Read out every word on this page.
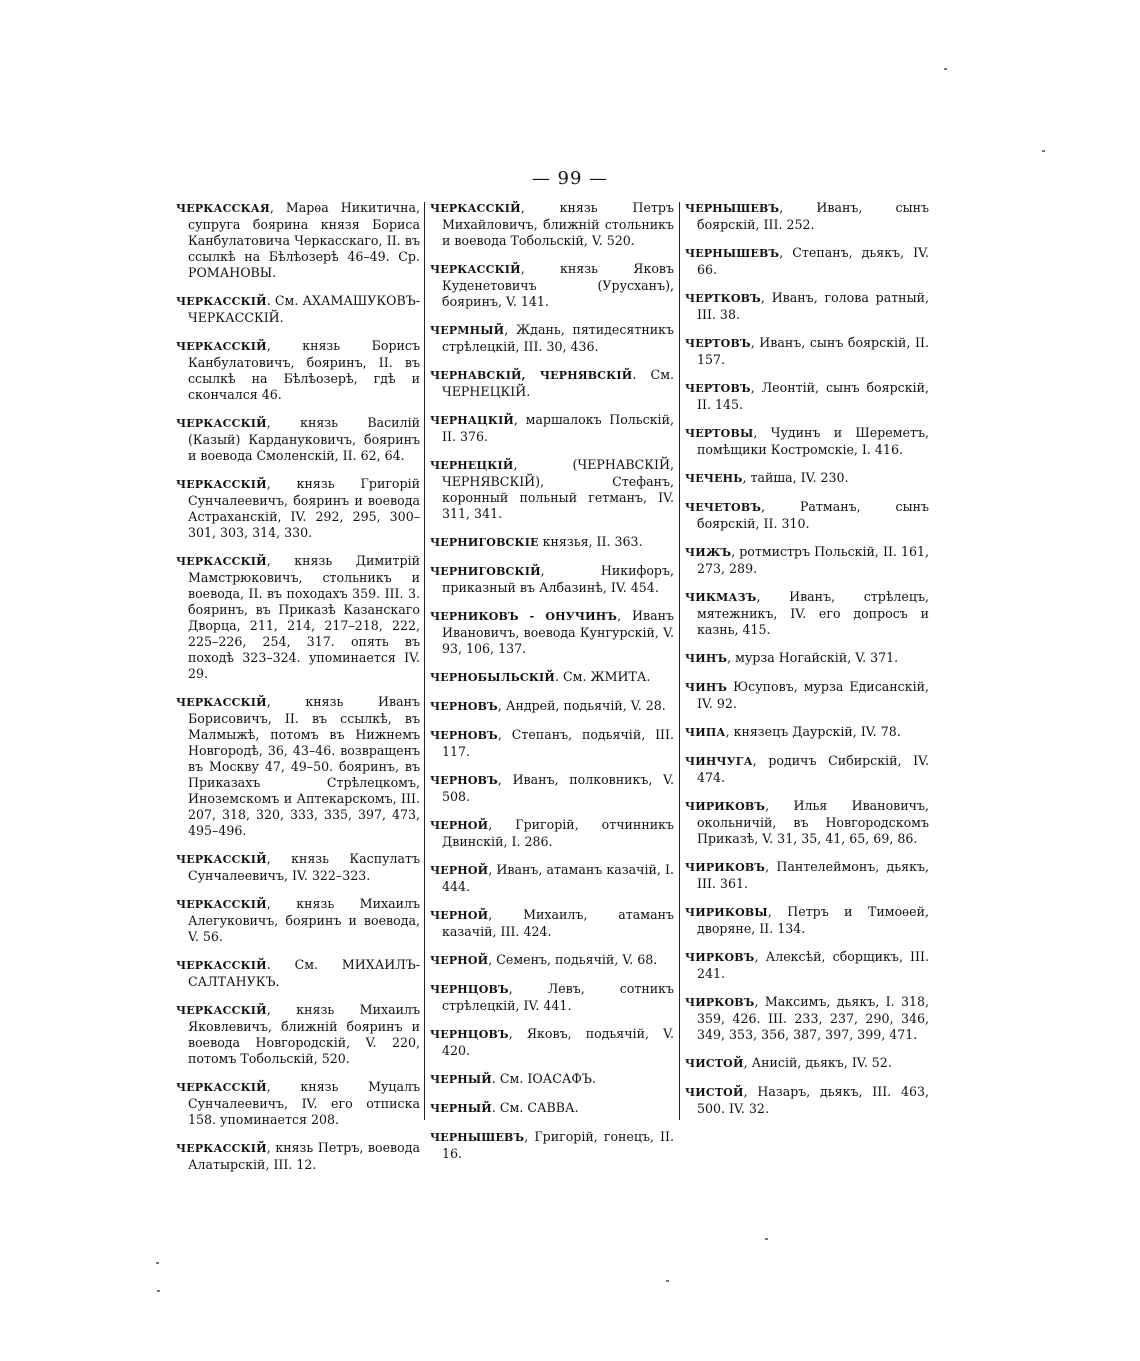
— 99 —

ЧЕРКАССКАЯ, Марѳа Никитична, супруга боярина князя Бориса Канбулатовича Черкасскаго, II. въ ссылкѣ на Бѣлѣозерѣ 46–49. Ср. РОМАНОВЫ.

ЧЕРКАССКІЙ. См. АХАМАШУКОВЪ-ЧЕРКАССКІЙ.

ЧЕРКАССКІЙ, князь Борисъ Канбулатовичъ, бояринъ, II. въ ссылкѣ на Бѣлѣозерѣ, гдѣ и скончался 46.

ЧЕРКАССКІЙ, князь Василій (Казый) Кардануковичъ, бояринъ и воевода Смоленскій, II. 62, 64.

ЧЕРКАССКІЙ, князь Григорій Сунчалеевичъ, бояринъ и воевода Астраханскій, IV. 292, 295, 300–301, 303, 314, 330.

ЧЕРКАССКІЙ, князь Димитрій Мамстрюковичъ, стольникъ и воевода, II. въ походахъ 359. III. 3. бояринъ, въ Приказѣ Казанскаго Дворца, 211, 214, 217–218, 222, 225–226, 254, 317. опять въ походѣ 323–324. упоминается IV. 29.

ЧЕРКАССКІЙ, князь Иванъ Борисовичъ, II. въ ссылкѣ, въ Малмыжѣ, потомъ въ Нижнемъ Новгородѣ, 36, 43–46. возвращенъ въ Москву 47, 49–50. бояринъ, въ Приказахъ Стрѣлецкомъ, Иноземскомъ и Аптекарскомъ, III. 207, 318, 320, 333, 335, 397, 473, 495–496.

ЧЕРКАССКІЙ, князь Каспулатъ Сунчалеевичъ, IV. 322–323.

ЧЕРКАССКІЙ, князь Михаилъ Алегуковичъ, бояринъ и воевода, V. 56.

ЧЕРКАССКІЙ. См. МИХАИЛЪ-САЛТАНУКЪ.

ЧЕРКАССКІЙ, князь Михаилъ Яковлевичъ, ближній бояринъ и воевода Новгородскій, V. 220, потомъ Тобольскій, 520.

ЧЕРКАССКІЙ, князь Муцалъ Сунчалеевичъ, IV. его отписка 158. упоминается 208.

ЧЕРКАССКІЙ, князь Петръ, воевода Алатырскій, III. 12.

ЧЕРКАССКІЙ, князь Петръ Михайловичъ, ближній стольникъ и воевода Тобольскій, V. 520.

ЧЕРКАССКІЙ, князь Яковъ Куденетовичъ (Урусханъ), бояринъ, V. 141.

ЧЕРМНЫЙ, Ждань, пятидесятникъ стрѣлецкій, III. 30, 436.

ЧЕРНАВСКІЙ, ЧЕРНЯВСКІЙ. См. ЧЕРНЕЦКІЙ.

ЧЕРНАЦКІЙ, маршалокъ Польскій, II. 376.

ЧЕРНЕЦКІЙ, (ЧЕРНАВСКІЙ, ЧЕРНЯВСКІЙ), Стефанъ, коронный польный гетманъ, IV. 311, 341.

ЧЕРНИГОВСКІЕ князья, II. 363.

ЧЕРНИГОВСКІЙ, Никифоръ, приказный въ Албазинѣ, IV. 454.

ЧЕРНИКОВЪ - ОНУЧИНЪ, Иванъ Ивановичъ, воевода Кунгурскій, V. 93, 106, 137.

ЧЕРНОБЫЛЬСКІЙ. См. ЖМИТА.

ЧЕРНОВЪ, Андрей, подьячій, V. 28.

ЧЕРНОВЪ, Степанъ, подьячій, III. 117.

ЧЕРНОВЪ, Иванъ, полковникъ, V. 508.

ЧЕРНОЙ, Григорій, отчинникъ Двинскій, I. 286.

ЧЕРНОЙ, Иванъ, атаманъ казачій, I. 444.

ЧЕРНОЙ, Михаилъ, атаманъ казачій, III. 424.

ЧЕРНОЙ, Семенъ, подьячій, V. 68.

ЧЕРНЦОВЪ, Левъ, сотникъ стрѣлецкій, IV. 441.

ЧЕРНЦОВЪ, Яковъ, подьячій, V. 420.

ЧЕРНЫЙ. См. ІОАСАФЪ.

ЧЕРНЫЙ. См. САВВА.

ЧЕРНЫШЕВЪ, Григорій, гонецъ, II. 16.

ЧЕРНЫШЕВЪ, Иванъ, сынъ боярскій, III. 252.

ЧЕРНЫШЕВЪ, Степанъ, дьякъ, IV. 66.

ЧЕРТКОВЪ, Иванъ, голова ратный, III. 38.

ЧЕРТОВЪ, Иванъ, сынъ боярскій, II. 157.

ЧЕРТОВЪ, Леонтій, сынъ боярскій, II. 145.

ЧЕРТОВЫ, Чудинъ и Шереметъ, помѣщики Костромскіе, I. 416.

ЧЕЧЕНЬ, тайша, IV. 230.

ЧЕЧЕТОВЪ, Ратманъ, сынъ боярскій, II. 310.

ЧИЖЪ, ротмистръ Польскій, II. 161, 273, 289.

ЧИКМАЗЪ, Иванъ, стрѣлецъ, мятежникъ, IV. его допросъ и казнь, 415.

ЧИНЪ, мурза Ногайскій, V. 371.

ЧИНЪ Юсуповъ, мурза Едисанскій, IV. 92.

ЧИПА, князецъ Даурскій, IV. 78.

ЧИНЧУГА, родичъ Сибирскій, IV. 474.

ЧИРИКОВЪ, Илья Ивановичъ, окольничій, въ Новгородскомъ Приказѣ, V. 31, 35, 41, 65, 69, 86.

ЧИРИКОВЪ, Пантелеймонъ, дьякъ, III. 361.

ЧИРИКОВЫ, Петръ и Тимоѳей, дворяне, II. 134.

ЧИРКОВЪ, Алексѣй, сборщикъ, III. 241.

ЧИРКОВЪ, Максимъ, дьякъ, I. 318, 359, 426. III. 233, 237, 290, 346, 349, 353, 356, 387, 397, 399, 471.

ЧИСТОЙ, Анисій, дьякъ, IV. 52.

ЧИСТОЙ, Назаръ, дьякъ, III. 463, 500. IV. 32.
